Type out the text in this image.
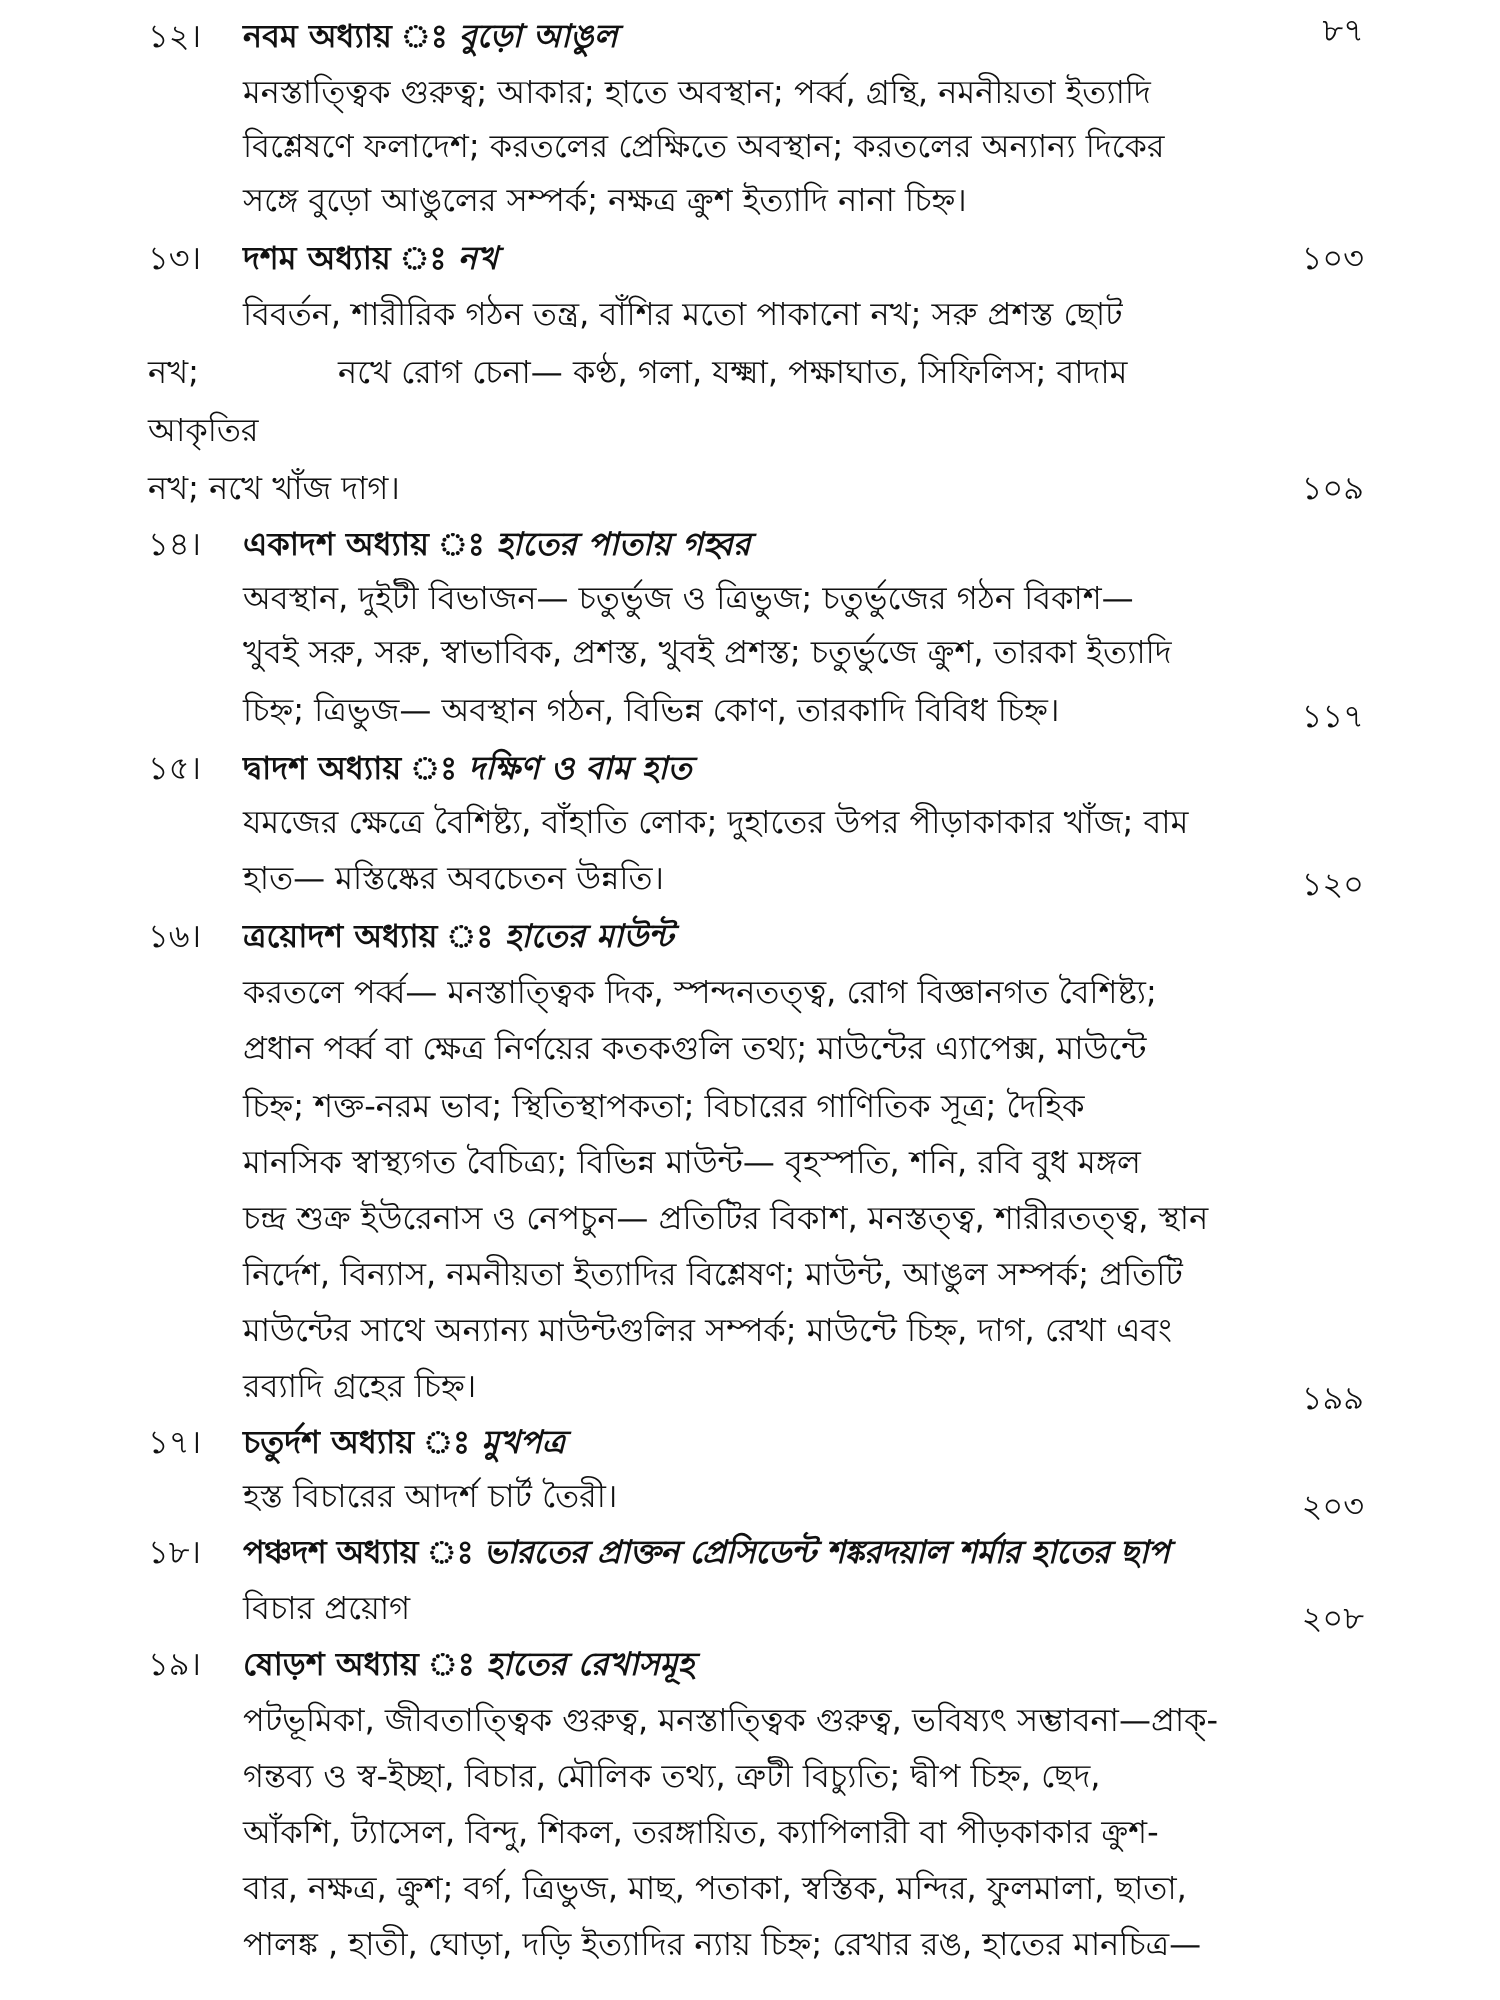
১২।	নবম অধ্যায় ঃ বুড়ো আঙুল	৮৭
মনস্তাত্ত্বিক গুরুত্ব; আকার; হাতে অবস্থান; পর্ব্ব, গ্রন্থি, নমনীয়তা ইত্যাদি
বিশ্লেষণে ফলাদেশ; করতলের প্রেক্ষিতে অবস্থান; করতলের অন্যান্য দিকের
সঙ্গে বুড়ো আঙুলের সম্পর্ক; নক্ষত্র ক্রুশ ইত্যাদি নানা চিহ্ন।
১৩।	দশম অধ্যায় ঃ নখ	১০৩
বিবর্তন, শারীরিক গঠন তন্ত্র, বাঁশির মতো পাকানো নখ; সরু প্রশস্ত ছোট
নখ;	নখে রোগ চেনা— কণ্ঠ, গলা, যক্ষ্মা, পক্ষাঘাত, সিফিলিস; বাদাম
আকৃতির
নখ; নখে খাঁজ দাগ।	১০৯
১৪।	একাদশ অধ্যায় ঃ হাতের পাতায় গহ্বর
অবস্থান, দুইটী বিভাজন— চতুর্ভুজ ও ত্রিভুজ; চতুর্ভুজের গঠন বিকাশ—
খুবই সরু, সরু, স্বাভাবিক, প্রশস্ত, খুবই প্রশস্ত; চতুর্ভুজে ক্রুশ, তারকা ইত্যাদি
চিহ্ন; ত্রিভুজ— অবস্থান গঠন, বিভিন্ন কোণ, তারকাদি বিবিধ চিহ্ন।	১১৭
১৫।	দ্বাদশ অধ্যায় ঃ দক্ষিণ ও বাম হাত
যমজের ক্ষেত্রে বৈশিষ্ট্য, বাঁহাতি লোক; দুহাতের উপর পীড়াকাকার খাঁজ; বাম
হাত— মস্তিষ্কের অবচেতন উন্নতি।	১২০
১৬।	ত্রয়োদশ অধ্যায় ঃ হাতের মাউন্ট
করতলে পর্ব্ব— মনস্তাত্ত্বিক দিক, স্পন্দনতত্ত্ব, রোগ বিজ্ঞানগত বৈশিষ্ট্য;
প্রধান পর্ব্ব বা ক্ষেত্র নির্ণয়ের কতকগুলি তথ্য; মাউন্টের এ্যাপেক্স, মাউন্টে
চিহ্ন; শক্ত-নরম ভাব; স্থিতিস্থাপকতা; বিচারের গাণিতিক সূত্র; দৈহিক
মানসিক স্বাস্থ্যগত বৈচিত্র্য; বিভিন্ন মাউন্ট— বৃহস্পতি, শনি, রবি বুধ মঙ্গল
চন্দ্র শুক্র ইউরেনাস ও নেপচুন— প্রতিটির বিকাশ, মনস্তত্ত্ব, শারীরতত্ত্ব, স্থান
নির্দেশ, বিন্যাস, নমনীয়তা ইত্যাদির বিশ্লেষণ; মাউন্ট, আঙুল সম্পর্ক; প্রতিটি
মাউন্টের সাথে অন্যান্য মাউন্টগুলির সম্পর্ক; মাউন্টে চিহ্ন, দাগ, রেখা এবং
রব্যাদি গ্রহের চিহ্ন।	১৯৯
১৭।	চতুর্দশ অধ্যায় ঃ মুখপত্র
হস্ত বিচারের আদর্শ চার্ট তৈরী।	২০৩
১৮।	পঞ্চদশ অধ্যায় ঃ ভারতের প্রাক্তন প্রেসিডেন্ট শঙ্করদয়াল শর্মার হাতের ছাপ
বিচার প্রয়োগ	২০৮
১৯।	ষোড়শ অধ্যায় ঃ হাতের রেখাসমূহ
পটভূমিকা, জীবতাত্ত্বিক গুরুত্ব, মনস্তাত্ত্বিক গুরুত্ব, ভবিষ্যৎ সম্ভাবনা—প্রাক্-
গন্তব্য ও স্ব-ইচ্ছা, বিচার, মৌলিক তথ্য, ত্রুটী বিচ্যুতি; দ্বীপ চিহ্ন, ছেদ,
আঁকশি, ট্যাসেল, বিন্দু, শিকল, তরঙ্গায়িত, ক্যাপিলারী বা পীড়কাকার ক্রুশ-
বার, নক্ষত্র, ক্রুশ; বর্গ, ত্রিভুজ, মাছ, পতাকা, স্বস্তিক, মন্দির, ফুলমালা, ছাতা,
পালঙ্ক , হাতী, ঘোড়া, দড়ি ইত্যাদির ন্যায় চিহ্ন; রেখার রঙ, হাতের মানচিত্র—
